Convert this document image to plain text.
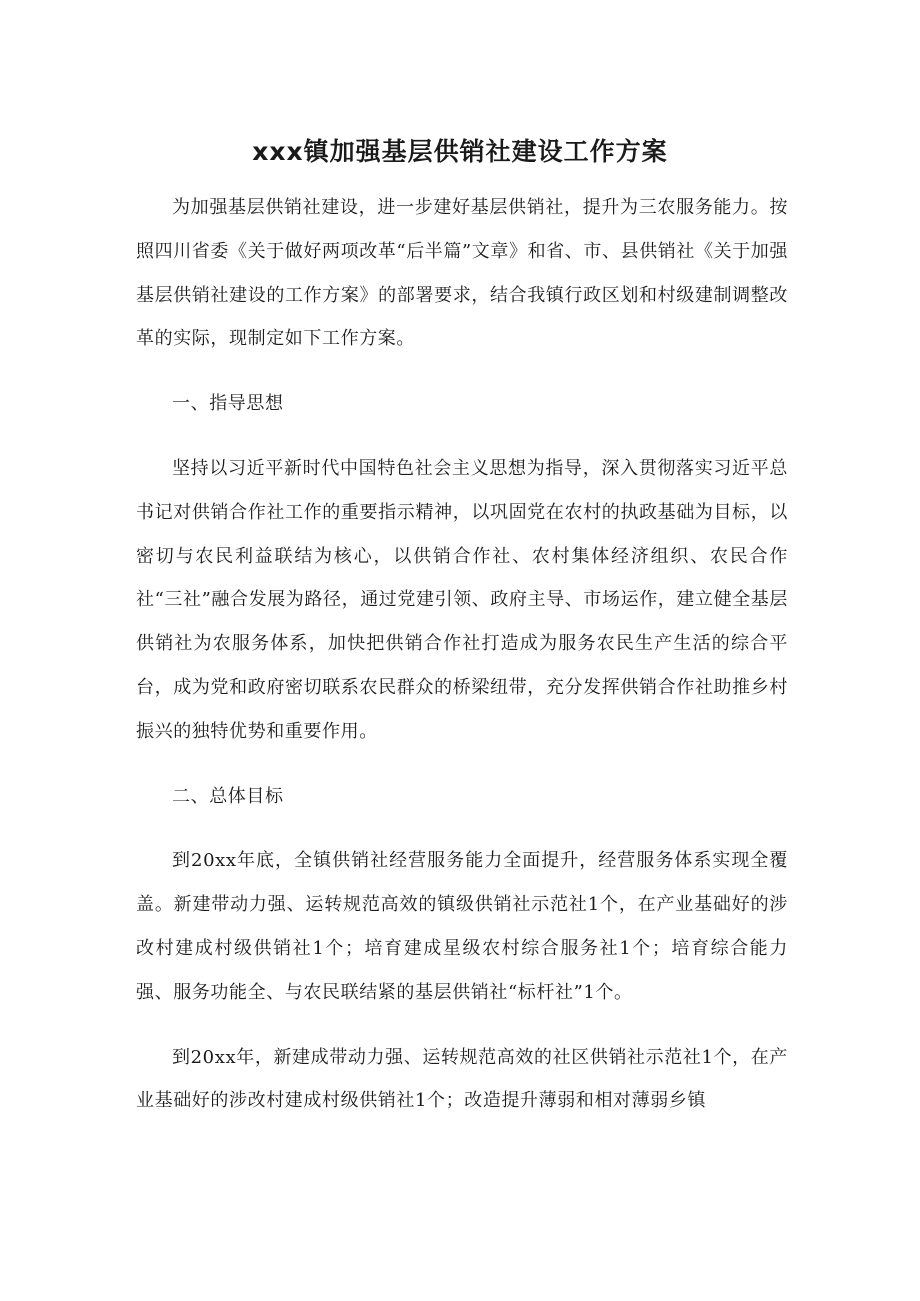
xxx镇加强基层供销社建设工作方案

为加强基层供销社建设，进一步建好基层供销社，提升为三农服务能力。按照四川省委《关于做好两项改革“后半篇”文章》和省、市、县供销社《关于加强基层供销社建设的工作方案》的部署要求，结合我镇行政区划和村级建制调整改革的实际，现制定如下工作方案。

一、指导思想

坚持以习近平新时代中国特色社会主义思想为指导，深入贯彻落实习近平总书记对供销合作社工作的重要指示精神，以巩固党在农村的执政基础为目标，以密切与农民利益联结为核心，以供销合作社、农村集体经济组织、农民合作社“三社”融合发展为路径，通过党建引领、政府主导、市场运作，建立健全基层供销社为农服务体系，加快把供销合作社打造成为服务农民生产生活的综合平台，成为党和政府密切联系农民群众的桥梁纽带，充分发挥供销合作社助推乡村振兴的独特优势和重要作用。

二、总体目标

到20xx年底，全镇供销社经营服务能力全面提升，经营服务体系实现全覆盖。新建带动力强、运转规范高效的镇级供销社示范社1个，在产业基础好的涉改村建成村级供销社1个；培育建成星级农村综合服务社1个；培育综合能力强、服务功能全、与农民联结紧的基层供销社“标杆社”1个。

到20xx年，新建成带动力强、运转规范高效的社区供销社示范社1个，在产业基础好的涉改村建成村级供销社1个；改造提升薄弱和相对薄弱乡镇
